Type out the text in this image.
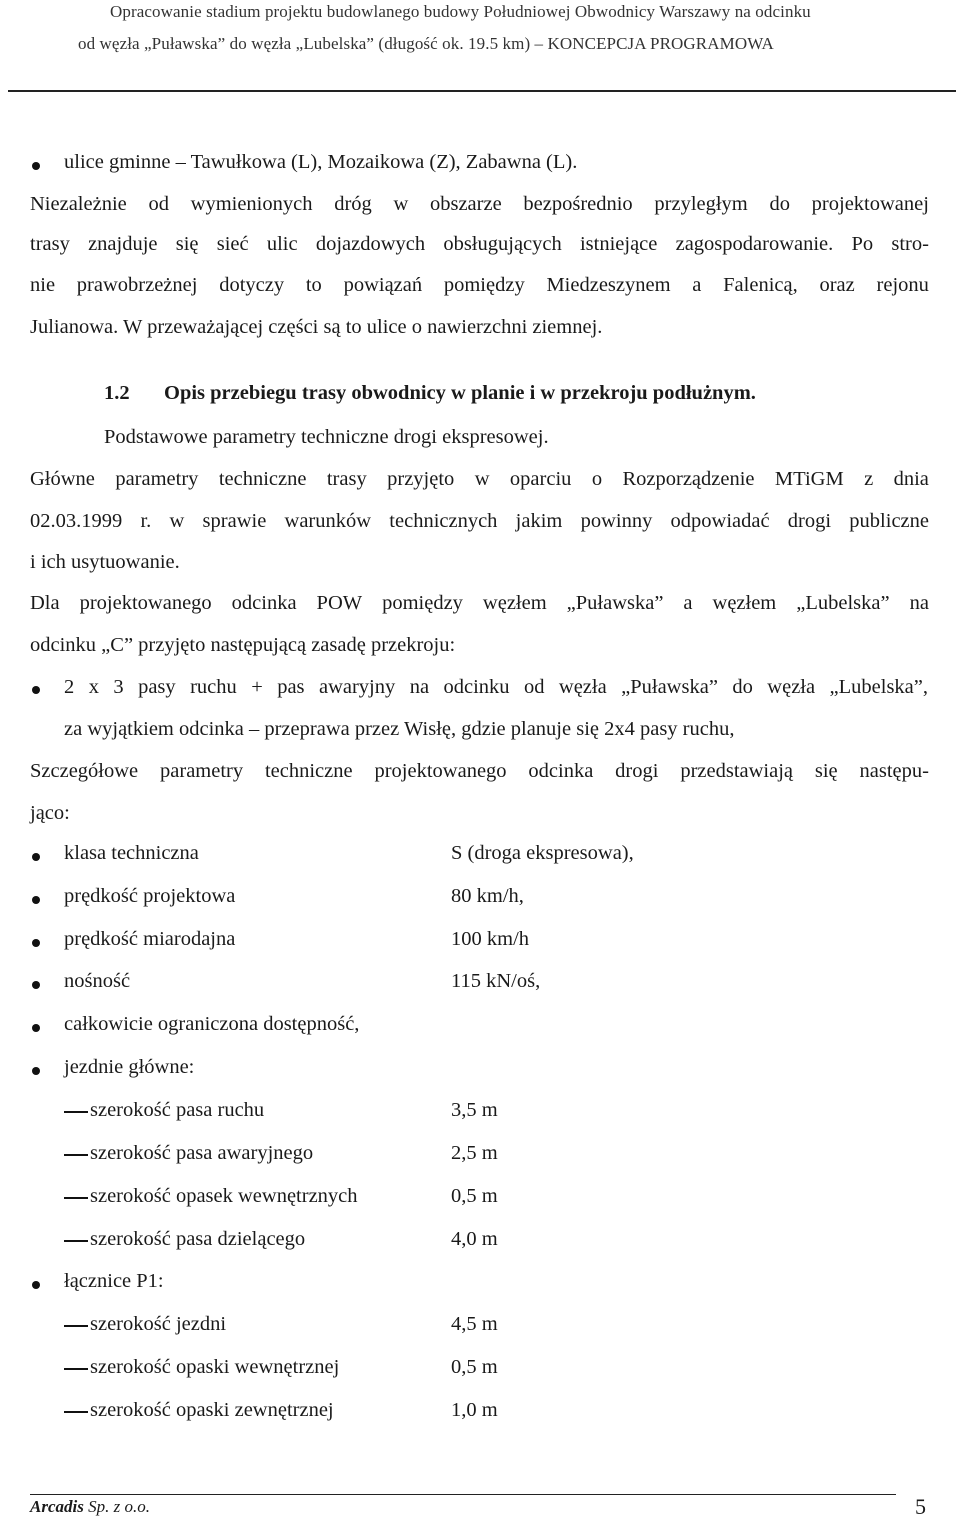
Opracowanie stadium projektu budowlanego budowy Południowej Obwodnicy Warszawy na odcinku
od węzła „Puławska” do węzła „Lubelska” (długość ok. 19.5 km) – KONCEPCJA PROGRAMOWA
ulice gminne – Tawułkowa (L), Mozaikowa (Z), Zabawna (L).
Niezależnie od wymienionych dróg w obszarze bezpośrednio przyległym do projektowanej
trasy znajduje się sieć ulic dojazdowych obsługujących istniejące zagospodarowanie. Po stro-
nie prawobrzeżnej dotyczy to powiązań pomiędzy Miedzeszynem a Falenicą, oraz rejonu
Julianowa. W przeważającej części są to ulice o nawierzchni ziemnej.
1.2 Opis przebiegu trasy obwodnicy w planie i w przekroju podłużnym.
Podstawowe parametry techniczne drogi ekspresowej.
Główne parametry techniczne trasy przyjęto w oparciu o Rozporządzenie MTiGM z dnia
02.03.1999 r. w sprawie warunków technicznych jakim powinny odpowiadać drogi publiczne
i ich usytuowanie.
Dla projektowanego odcinka POW pomiędzy węzłem „Puławska” a węzłem „Lubelska” na
odcinku „C” przyjęto następującą zasadę przekroju:
2 x 3 pasy ruchu + pas awaryjny na odcinku od węzła „Puławska” do węzła „Lubelska”,
za wyjątkiem odcinka – przeprawa przez Wisłę, gdzie planuje się 2x4 pasy ruchu,
Szczegółowe parametry techniczne projektowanego odcinka drogi przedstawiają się następu-
jąco:
klasa techniczna	S (droga ekspresowa),
prędkość projektowa	80 km/h,
prędkość miarodajna	100 km/h
nośność	115 kN/oś,
całkowicie ograniczona dostępność,
jezdnie główne:
szerokość pasa ruchu	3,5 m
szerokość pasa awaryjnego	2,5 m
szerokość opasek wewnętrznych	0,5 m
szerokość pasa dzielącego	4,0 m
łącznice P1:
szerokość jezdni	4,5 m
szerokość opaski wewnętrznej	0,5 m
szerokość opaski zewnętrznej	1,0 m
Arcadis Sp. z o.o.	5
